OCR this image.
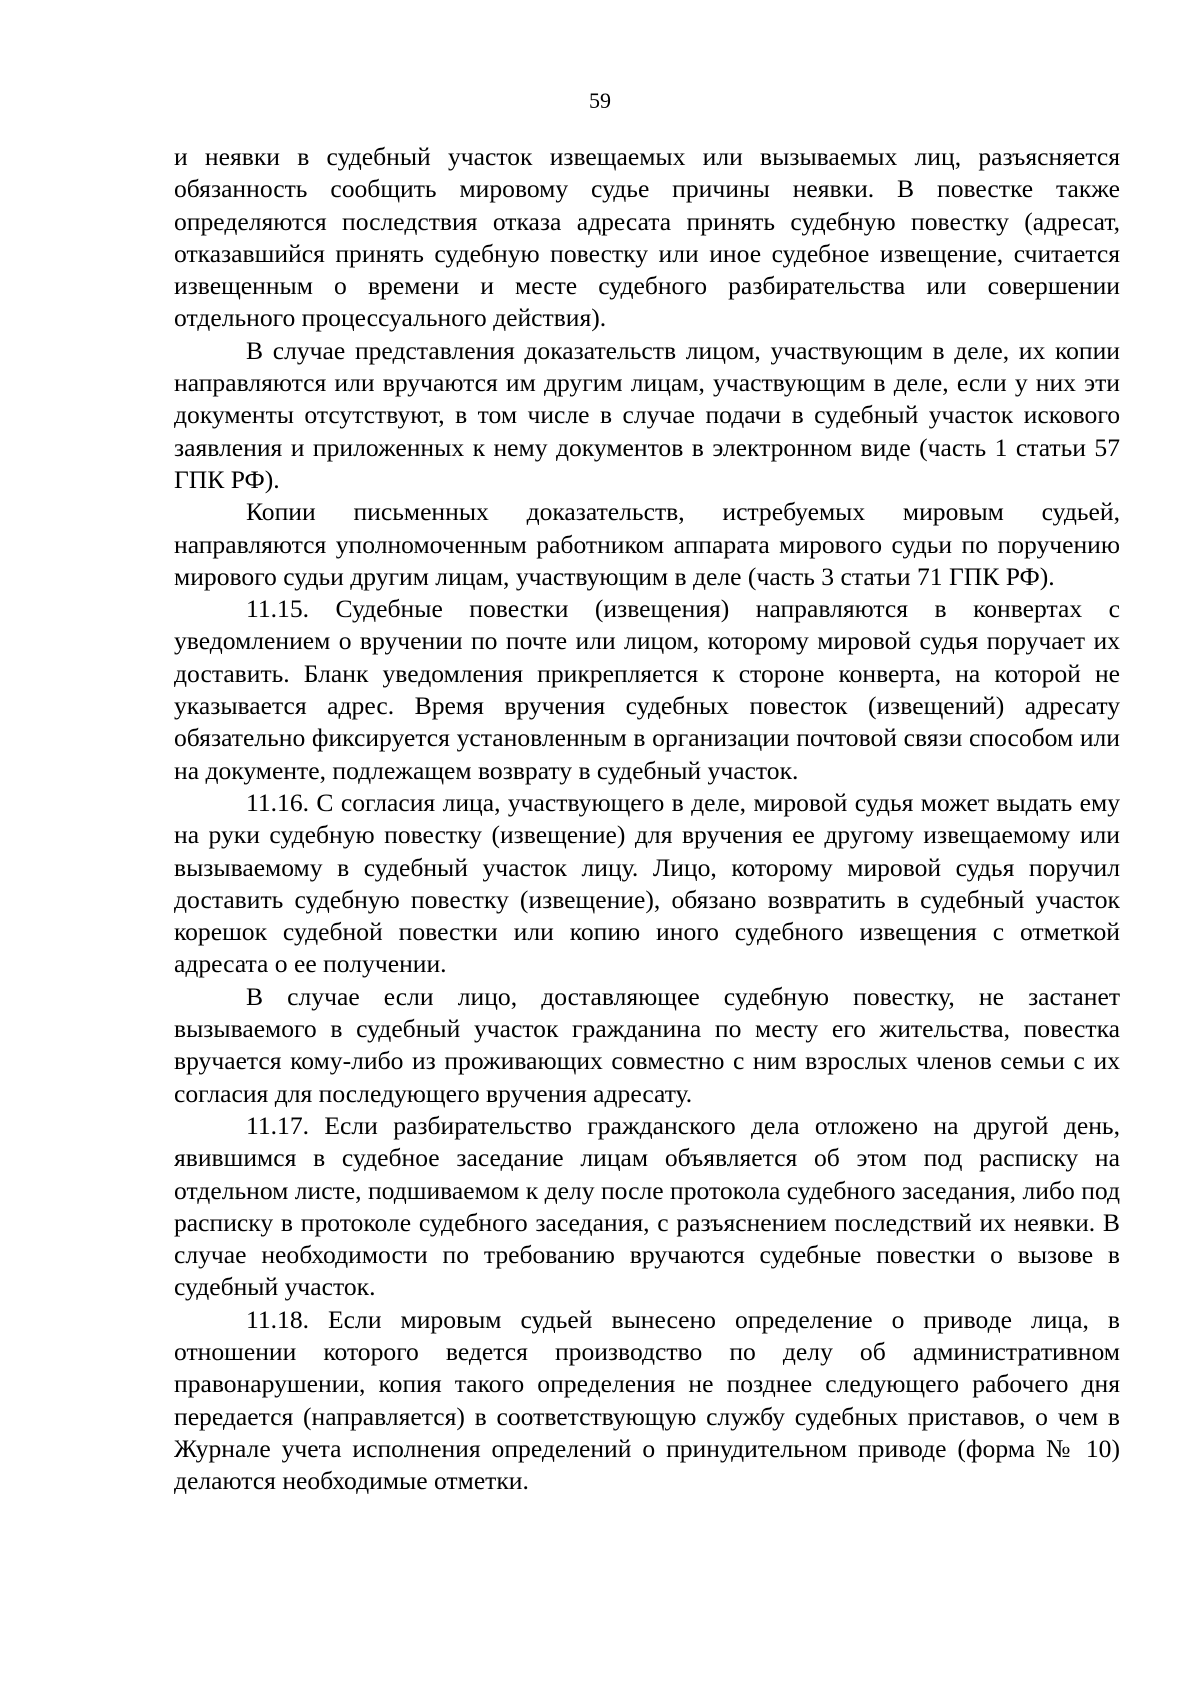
59

и неявки в судебный участок извещаемых или вызываемых лиц, разъясняется обязанность сообщить мировому судье причины неявки. В повестке также определяются последствия отказа адресата принять судебную повестку (адресат, отказавшийся принять судебную повестку или иное судебное извещение, считается извещенным о времени и месте судебного разбирательства или совершении отдельного процессуального действия).

В случае представления доказательств лицом, участвующим в деле, их копии направляются или вручаются им другим лицам, участвующим в деле, если у них эти документы отсутствуют, в том числе в случае подачи в судебный участок искового заявления и приложенных к нему документов в электронном виде (часть 1 статьи 57 ГПК РФ).

Копии письменных доказательств, истребуемых мировым судьей, направляются уполномоченным работником аппарата мирового судьи по поручению мирового судьи другим лицам, участвующим в деле (часть 3 статьи 71 ГПК РФ).

11.15. Судебные повестки (извещения) направляются в конвертах с уведомлением о вручении по почте или лицом, которому мировой судья поручает их доставить. Бланк уведомления прикрепляется к стороне конверта, на которой не указывается адрес. Время вручения судебных повесток (извещений) адресату обязательно фиксируется установленным в организации почтовой связи способом или на документе, подлежащем возврату в судебный участок.

11.16. С согласия лица, участвующего в деле, мировой судья может выдать ему на руки судебную повестку (извещение) для вручения ее другому извещаемому или вызываемому в судебный участок лицу. Лицо, которому мировой судья поручил доставить судебную повестку (извещение), обязано возвратить в судебный участок корешок судебной повестки или копию иного судебного извещения с отметкой адресата о ее получении.

В случае если лицо, доставляющее судебную повестку, не застанет вызываемого в судебный участок гражданина по месту его жительства, повестка вручается кому-либо из проживающих совместно с ним взрослых членов семьи с их согласия для последующего вручения адресату.

11.17. Если разбирательство гражданского дела отложено на другой день, явившимся в судебное заседание лицам объявляется об этом под расписку на отдельном листе, подшиваемом к делу после протокола судебного заседания, либо под расписку в протоколе судебного заседания, с разъяснением последствий их неявки. В случае необходимости по требованию вручаются судебные повестки о вызове в судебный участок.

11.18. Если мировым судьей вынесено определение о приводе лица, в отношении которого ведется производство по делу об административном правонарушении, копия такого определения не позднее следующего рабочего дня передается (направляется) в соответствующую службу судебных приставов, о чем в Журнале учета исполнения определений о принудительном приводе (форма № 10) делаются необходимые отметки.
